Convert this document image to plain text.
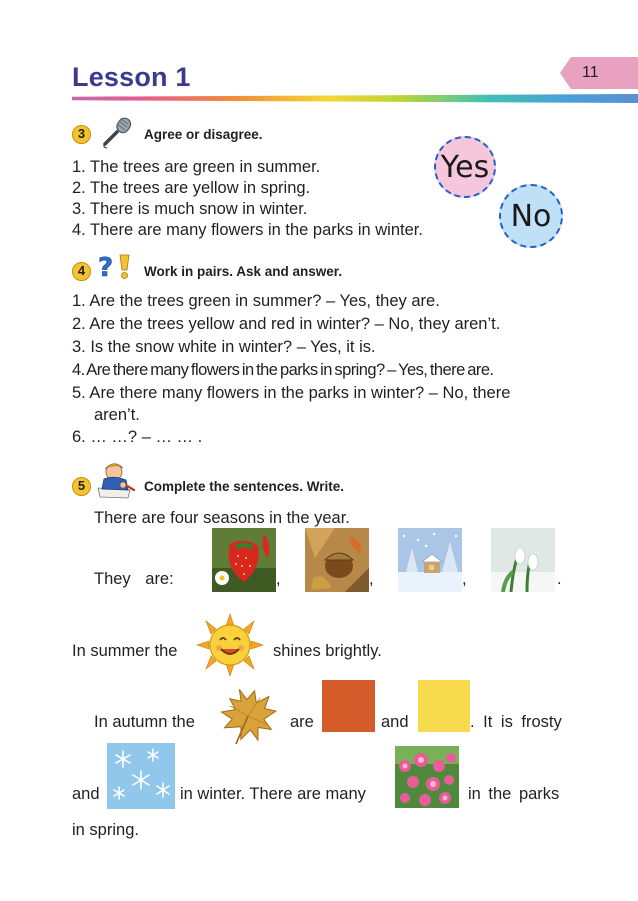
Lesson 1	11
3	Agree or disagree.
1. The trees are green in summer.
2. The trees are yellow in spring.
3. There is much snow in winter.
4. There are many flowers in the parks in winter.
Yes
No
4 ? Work in pairs. Ask and answer.
1. Are the trees green in summer? – Yes, they are.
2. Are the trees yellow and red in winter? – No, they aren’t.
3. Is the snow white in winter? – Yes, it is.
4. Are there many flowers in the parks in spring? – Yes, there are.
5. Are there many flowers in the parks in winter? – No, there
aren’t.
6. … …? – … … .
5	Complete the sentences. Write.
There are four seasons in the year.
They are:	,	,	,	.
In summer the	shines brightly.
In autumn the	are	and	. It is frosty
and	in winter. There are many	in the parks
in spring.
